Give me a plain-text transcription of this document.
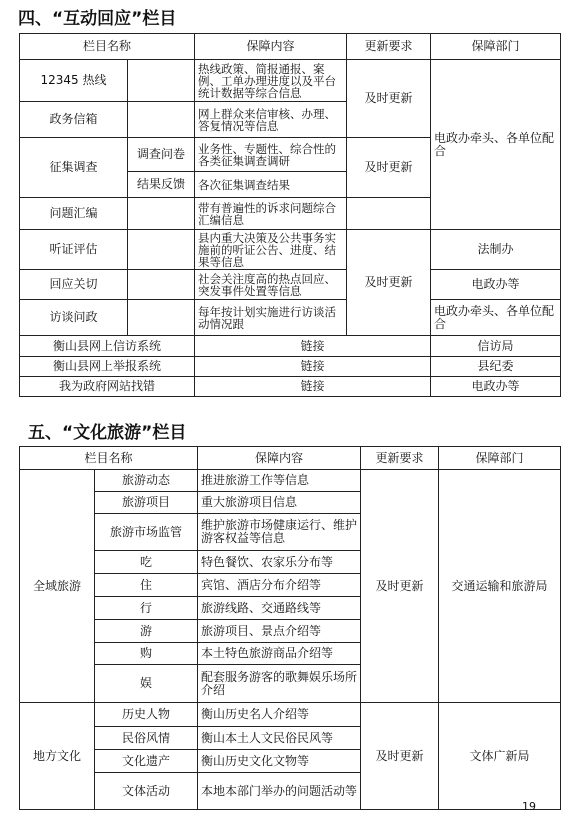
四、“互动回应”栏目
栏目名称		保障内容	更新要求	保障部门
12345 热线		热线政策、简报通报、案例、工单办理进度以及平台统计数据等综合信息	及时更新	电政办牵头、各单位配合
政务信箱		网上群众来信审核、办理、答复情况等信息		
征集调查	调查问卷	业务性、专题性、综合性的各类征集调查调研	及时更新	
	结果反馈	各次征集调查结果		
问题汇编		带有普遍性的诉求问题综合汇编信息		
听证评估		县内重大决策及公共事务实施前的听证公告、进度、结果等信息	及时更新	法制办
回应关切		社会关注度高的热点回应、突发事件处置等信息		电政办等
访谈问政		每年按计划实施进行访谈活动情况跟		电政办牵头、各单位配合
衡山县网上信访系统		链接		信访局
衡山县网上举报系统		链接		县纪委
我为政府网站找错		链接		电政办等
五、“文化旅游”栏目
栏目名称		保障内容	更新要求	保障部门
全域旅游	旅游动态	推进旅游工作等信息	及时更新	交通运输和旅游局
	旅游项目	重大旅游项目信息		
	旅游市场监管	维护旅游市场健康运行、维护游客权益等信息		
	吃	特色餐饮、农家乐分布等		
	住	宾馆、酒店分布介绍等		
	行	旅游线路、交通路线等		
	游	旅游项目、景点介绍等		
	购	本土特色旅游商品介绍等		
	娱	配套服务游客的歌舞娱乐场所介绍		
地方文化	历史人物	衡山历史名人介绍等	及时更新	文体广新局
	民俗风情	衡山本土人文民俗民风等		
	文化遗产	衡山历史文化文物等		
	文体活动	本地本部门举办的问题活动等		
19
